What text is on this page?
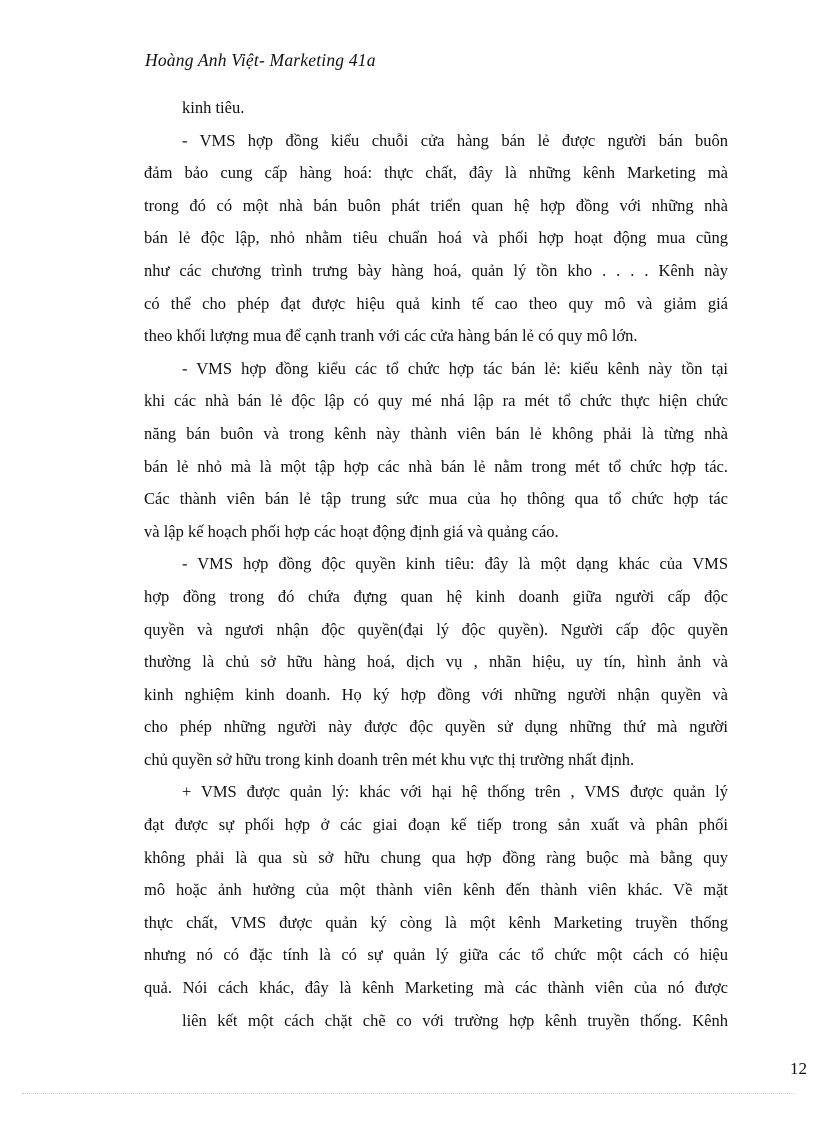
Hoàng Anh Việt- Marketing 41a
kinh tiêu.
- VMS hợp đồng kiểu chuỗi cửa hàng bán lẻ được người bán buôn
đảm bảo cung cấp hàng hoá: thực chất, đây là những kênh Marketing mà
trong đó có một nhà bán buôn phát triển quan hệ hợp đồng với những nhà
bán lẻ độc lập, nhỏ nhằm tiêu chuẩn hoá và phối hợp hoạt động mua cũng
như các chương trình trưng bày hàng hoá, quản lý tồn kho . . . . Kênh này
có thể cho phép đạt được hiệu quả kinh tế cao theo quy mô và giảm giá
theo khối lượng mua để cạnh tranh với các cửa hàng bán lẻ có quy mô lớn.
- VMS hợp đồng kiểu các tổ chức hợp tác bán lẻ: kiểu kênh này tồn tại
khi các nhà bán lẻ độc lập có quy mé nhá lập ra mét tổ chức thực hiện chức
năng bán buôn và trong kênh này thành viên bán lẻ không phải là từng nhà
bán lẻ nhỏ mà là một tập hợp các nhà bán lẻ nằm trong mét tổ chức hợp tác.
Các thành viên bán lẻ tập trung sức mua của họ thông qua tổ chức hợp tác
và lập kế hoạch phối hợp các hoạt động định giá và quảng cáo.
- VMS hợp đồng độc quyền kinh tiêu: đây là một dạng khác của VMS
hợp đồng trong đó chứa đựng quan hệ kinh doanh giữa người cấp độc
quyền và ngươi nhận độc quyền(đại lý độc quyền). Người cấp độc quyền
thường là chủ sở hữu hàng hoá, dịch vụ , nhãn hiệu, uy tín, hình ảnh và
kinh nghiệm kinh doanh. Họ ký hợp đồng với những người nhận quyền và
cho phép những người này được độc quyền sử dụng những thứ mà người
chủ quyền sở hữu trong kinh doanh trên mét khu vực thị trường nhất định.
+ VMS được quản lý: khác với hại hệ thống trên , VMS được quản lý
đạt được sự phối hợp ở các giai đoạn kế tiếp trong sản xuất và phân phối
không phải là qua sù sở hữu chung qua hợp đồng ràng buộc mà bằng quy
mô hoặc ảnh hưởng của một thành viên kênh đến thành viên khác. Về mặt
thực chất, VMS được quản ký còng là một kênh Marketing truyền thống
nhưng nó có đặc tính là có sự quản lý giữa các tổ chức một cách có hiệu
quả. Nói cách khác, đây là kênh Marketing mà các thành viên của nó được
liên kết một cách chặt chẽ co với trường hợp kênh truyền thống. Kênh
12
